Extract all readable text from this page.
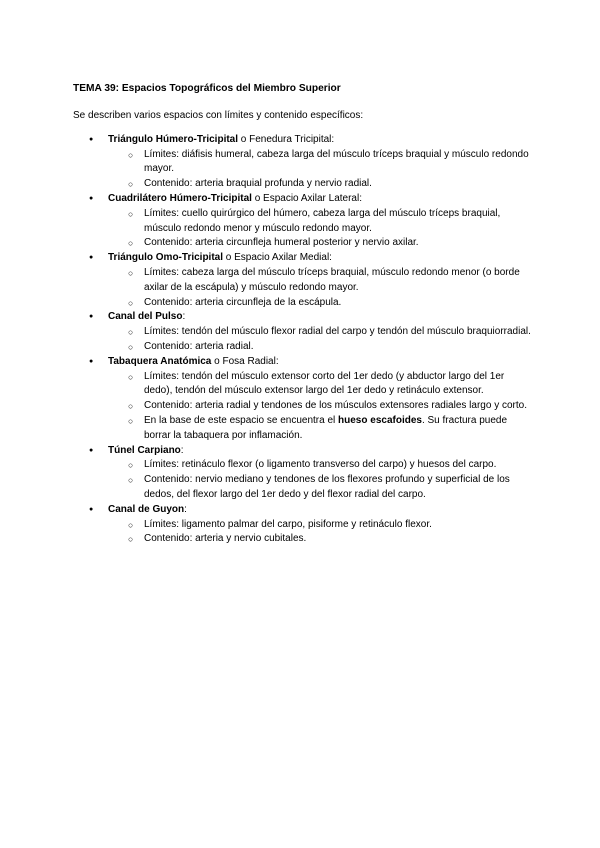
TEMA 39: Espacios Topográficos del Miembro Superior

Se describen varios espacios con límites y contenido específicos:

● Triángulo Húmero-Tricipital o Fenedura Tricipital:
○ Límites: diáfisis humeral, cabeza larga del músculo tríceps braquial y músculo redondo mayor.
○ Contenido: arteria braquial profunda y nervio radial.
● Cuadrilátero Húmero-Tricipital o Espacio Axilar Lateral:
○ Límites: cuello quirúrgico del húmero, cabeza larga del músculo tríceps braquial, músculo redondo menor y músculo redondo mayor.
○ Contenido: arteria circunfleja humeral posterior y nervio axilar.
● Triángulo Omo-Tricipital o Espacio Axilar Medial:
○ Límites: cabeza larga del músculo tríceps braquial, músculo redondo menor (o borde axilar de la escápula) y músculo redondo mayor.
○ Contenido: arteria circunfleja de la escápula.
● Canal del Pulso:
○ Límites: tendón del músculo flexor radial del carpo y tendón del músculo braquiorradial.
○ Contenido: arteria radial.
● Tabaquera Anatómica o Fosa Radial:
○ Límites: tendón del músculo extensor corto del 1er dedo (y abductor largo del 1er dedo), tendón del músculo extensor largo del 1er dedo y retináculo extensor.
○ Contenido: arteria radial y tendones de los músculos extensores radiales largo y corto.
○ En la base de este espacio se encuentra el hueso escafoides. Su fractura puede borrar la tabaquera por inflamación.
● Túnel Carpiano:
○ Límites: retináculo flexor (o ligamento transverso del carpo) y huesos del carpo.
○ Contenido: nervio mediano y tendones de los flexores profundo y superficial de los dedos, del flexor largo del 1er dedo y del flexor radial del carpo.
● Canal de Guyon:
○ Límites: ligamento palmar del carpo, pisiforme y retináculo flexor.
○ Contenido: arteria y nervio cubitales.
